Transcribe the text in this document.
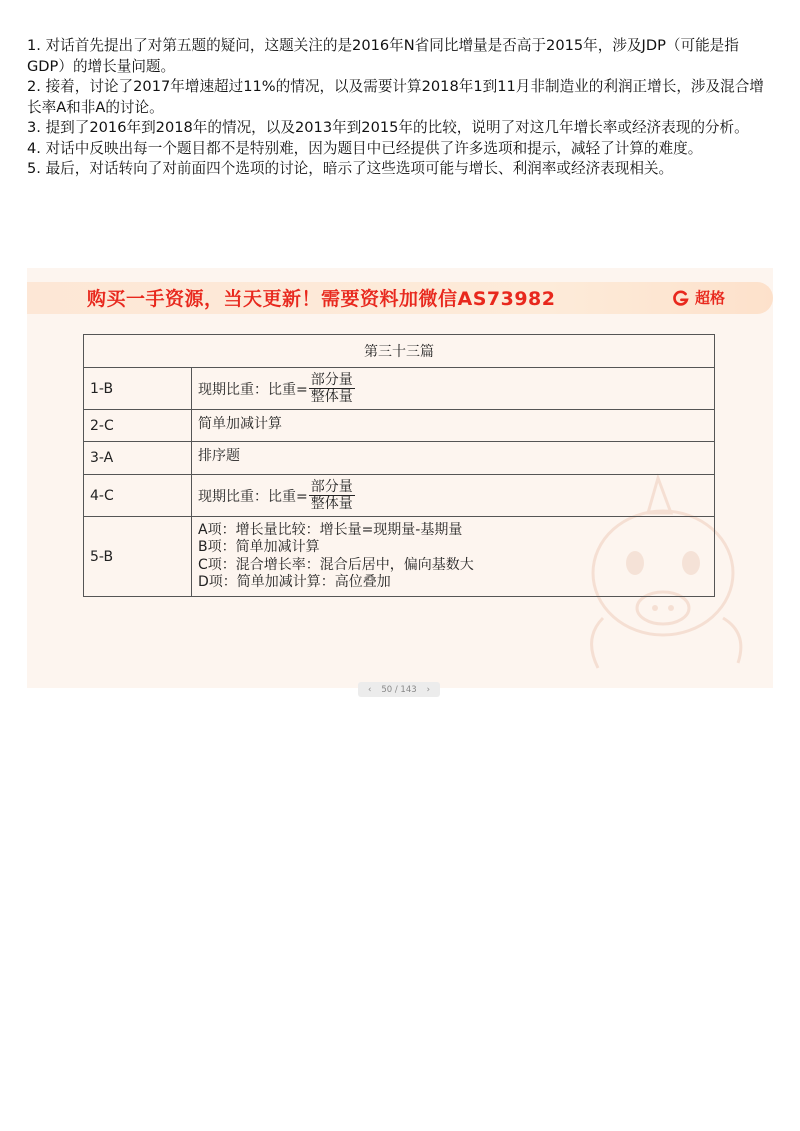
1. 对话首先提出了对第五题的疑问，这题关注的是2016年N省同比增量是否高于2015年，涉及JDP（可能是指GDP）的增长量问题。

2. 接着，讨论了2017年增速超过11%的情况，以及需要计算2018年1到11月非制造业的利润正增长，涉及混合增长率A和非A的讨论。

3. 提到了2016年到2018年的情况，以及2013年到2015年的比较，说明了对这几年增长率或经济表现的分析。

4. 对话中反映出每一个题目都不是特别难，因为题目中已经提供了许多选项和提示，减轻了计算的难度。

5. 最后，对话转向了对前面四个选项的讨论，暗示了这些选项可能与增长、利润率或经济表现相关。

购买一手资源，当天更新！需要资料加微信AS73982	超格
第三十三篇	
1-B	现期比重：比重= $\frac{\text{部分量}}{\text{整体量}}$

2-C	简单加减计算
3-A	排序题
4-C	现期比重：比重= $\frac{\text{部分量}}{\text{整体量}}$

5-B	A项：增长量比较：增长量=现期量-基期量
B项：简单加减计算
C项：混合增长率：混合后居中，偏向基数大
D项：简单加减计算：高位叠加
‹ 50 / 143 ›
